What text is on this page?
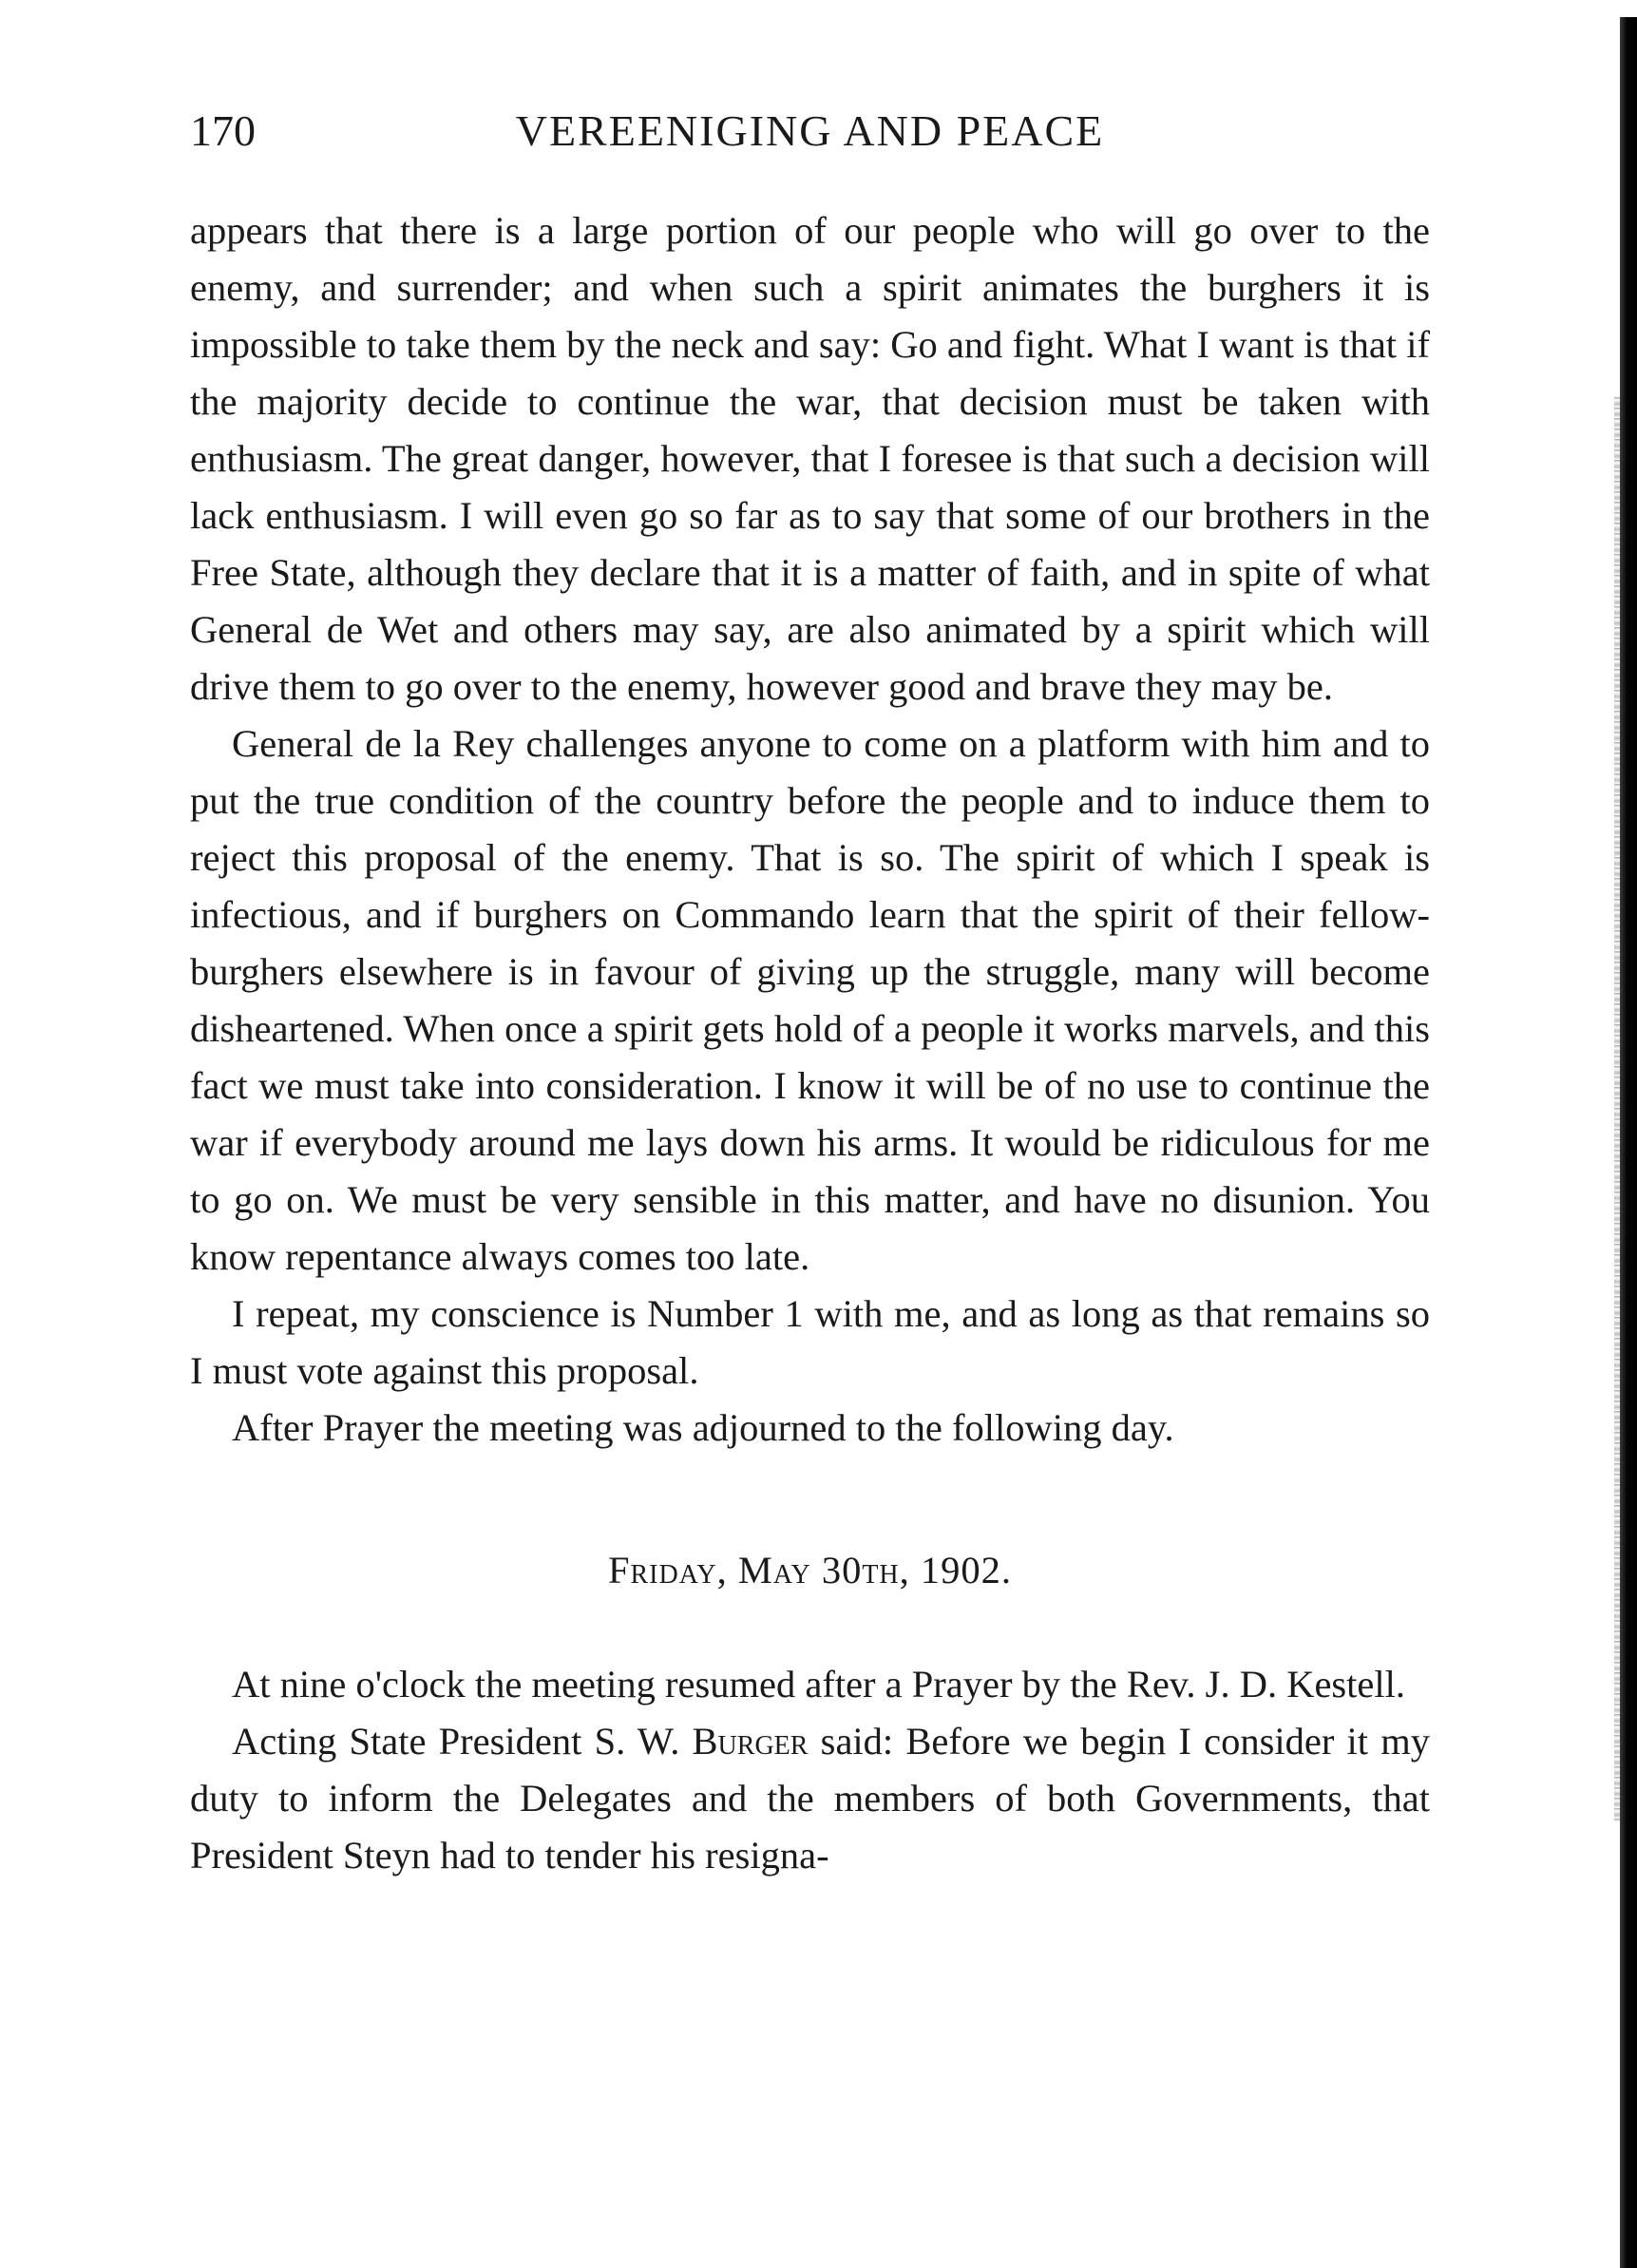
170	VEREENIGING AND PEACE

appears that there is a large portion of our people who will go over to the enemy, and surrender; and when such a spirit animates the burghers it is impossible to take them by the neck and say: Go and fight. What I want is that if the majority decide to continue the war, that decision must be taken with enthusiasm. The great danger, however, that I foresee is that such a decision will lack enthusiasm. I will even go so far as to say that some of our brothers in the Free State, although they declare that it is a matter of faith, and in spite of what General de Wet and others may say, are also animated by a spirit which will drive them to go over to the enemy, however good and brave they may be.

General de la Rey challenges anyone to come on a platform with him and to put the true condition of the country before the people and to induce them to reject this proposal of the enemy. That is so. The spirit of which I speak is infectious, and if burghers on Commando learn that the spirit of their fellow-burghers elsewhere is in favour of giving up the struggle, many will become disheartened. When once a spirit gets hold of a people it works marvels, and this fact we must take into consideration. I know it will be of no use to continue the war if everybody around me lays down his arms. It would be ridiculous for me to go on. We must be very sensible in this matter, and have no disunion. You know repentance always comes too late.

I repeat, my conscience is Number 1 with me, and as long as that remains so I must vote against this proposal.

After Prayer the meeting was adjourned to the following day.

Friday, May 30th, 1902.

At nine o'clock the meeting resumed after a Prayer by the Rev. J. D. Kestell.

Acting State President S. W. Burger said: Before we begin I consider it my duty to inform the Delegates and the members of both Governments, that President Steyn had to tender his resigna-
